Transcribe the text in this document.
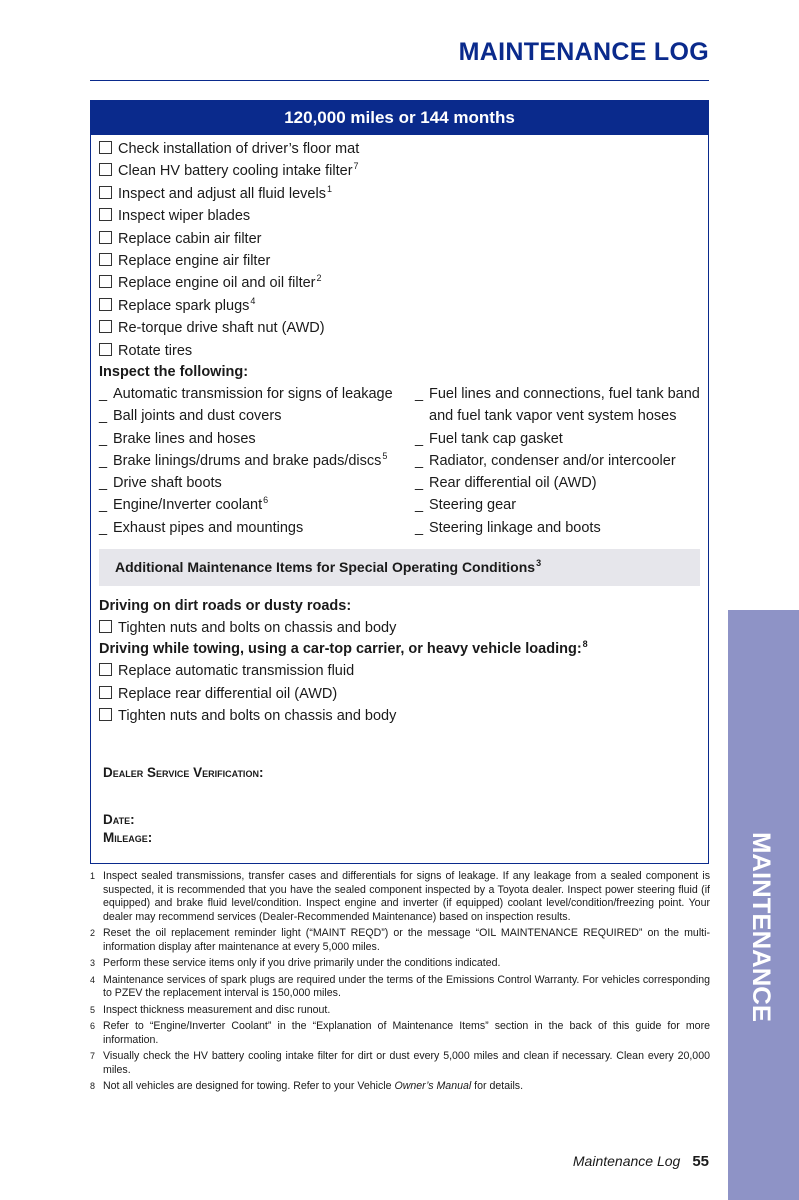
MAINTENANCE LOG
120,000 miles or 144 months
Check installation of driver’s floor mat
Clean HV battery cooling intake filter$^7$
Inspect and adjust all fluid levels$^1$
Inspect wiper blades
Replace cabin air filter
Replace engine air filter
Replace engine oil and oil filter$^2$
Replace spark plugs$^4$
Re-torque drive shaft nut (AWD)
Rotate tires
Inspect the following:
_ Automatic transmission for signs of leakage
_ Ball joints and dust covers
_ Brake lines and hoses
_ Brake linings/drums and brake pads/discs$^5$
_ Drive shaft boots
_ Engine/Inverter coolant$^6$
_ Exhaust pipes and mountings
_ Fuel lines and connections, fuel tank band and fuel tank vapor vent system hoses
_ Fuel tank cap gasket
_ Radiator, condenser and/or intercooler
_ Rear differential oil (AWD)
_ Steering gear
_ Steering linkage and boots
Additional Maintenance Items for Special Operating Conditions$^3$
Driving on dirt roads or dusty roads:
Tighten nuts and bolts on chassis and body
Driving while towing, using a car-top carrier, or heavy vehicle loading:$^8$
Replace automatic transmission fluid
Replace rear differential oil (AWD)
Tighten nuts and bolts on chassis and body
Dealer Service Verification:
Date:
Mileage:
1 Inspect sealed transmissions, transfer cases and differentials for signs of leakage. If any leakage from a sealed component is suspected, it is recommended that you have the sealed component inspected by a Toyota dealer. Inspect power steering fluid (if equipped) and brake fluid level/condition. Inspect engine and inverter (if equipped) coolant level/condition/freezing point. Your dealer may recommend services (Dealer-Recommended Maintenance) based on inspection results.
2 Reset the oil replacement reminder light (“MAINT REQD”) or the message “OIL MAINTENANCE REQUIRED” on the multi-information display after maintenance at every 5,000 miles.
3 Perform these service items only if you drive primarily under the conditions indicated.
4 Maintenance services of spark plugs are required under the terms of the Emissions Control Warranty. For vehicles corresponding to PZEV the replacement interval is 150,000 miles.
5 Inspect thickness measurement and disc runout.
6 Refer to “Engine/Inverter Coolant” in the “Explanation of Maintenance Items” section in the back of this guide for more information.
7 Visually check the HV battery cooling intake filter for dirt or dust every 5,000 miles and clean if necessary. Clean every 20,000 miles.
8 Not all vehicles are designed for towing. Refer to your Vehicle Owner’s Manual for details.
MAINTENANCE
Maintenance Log 55
